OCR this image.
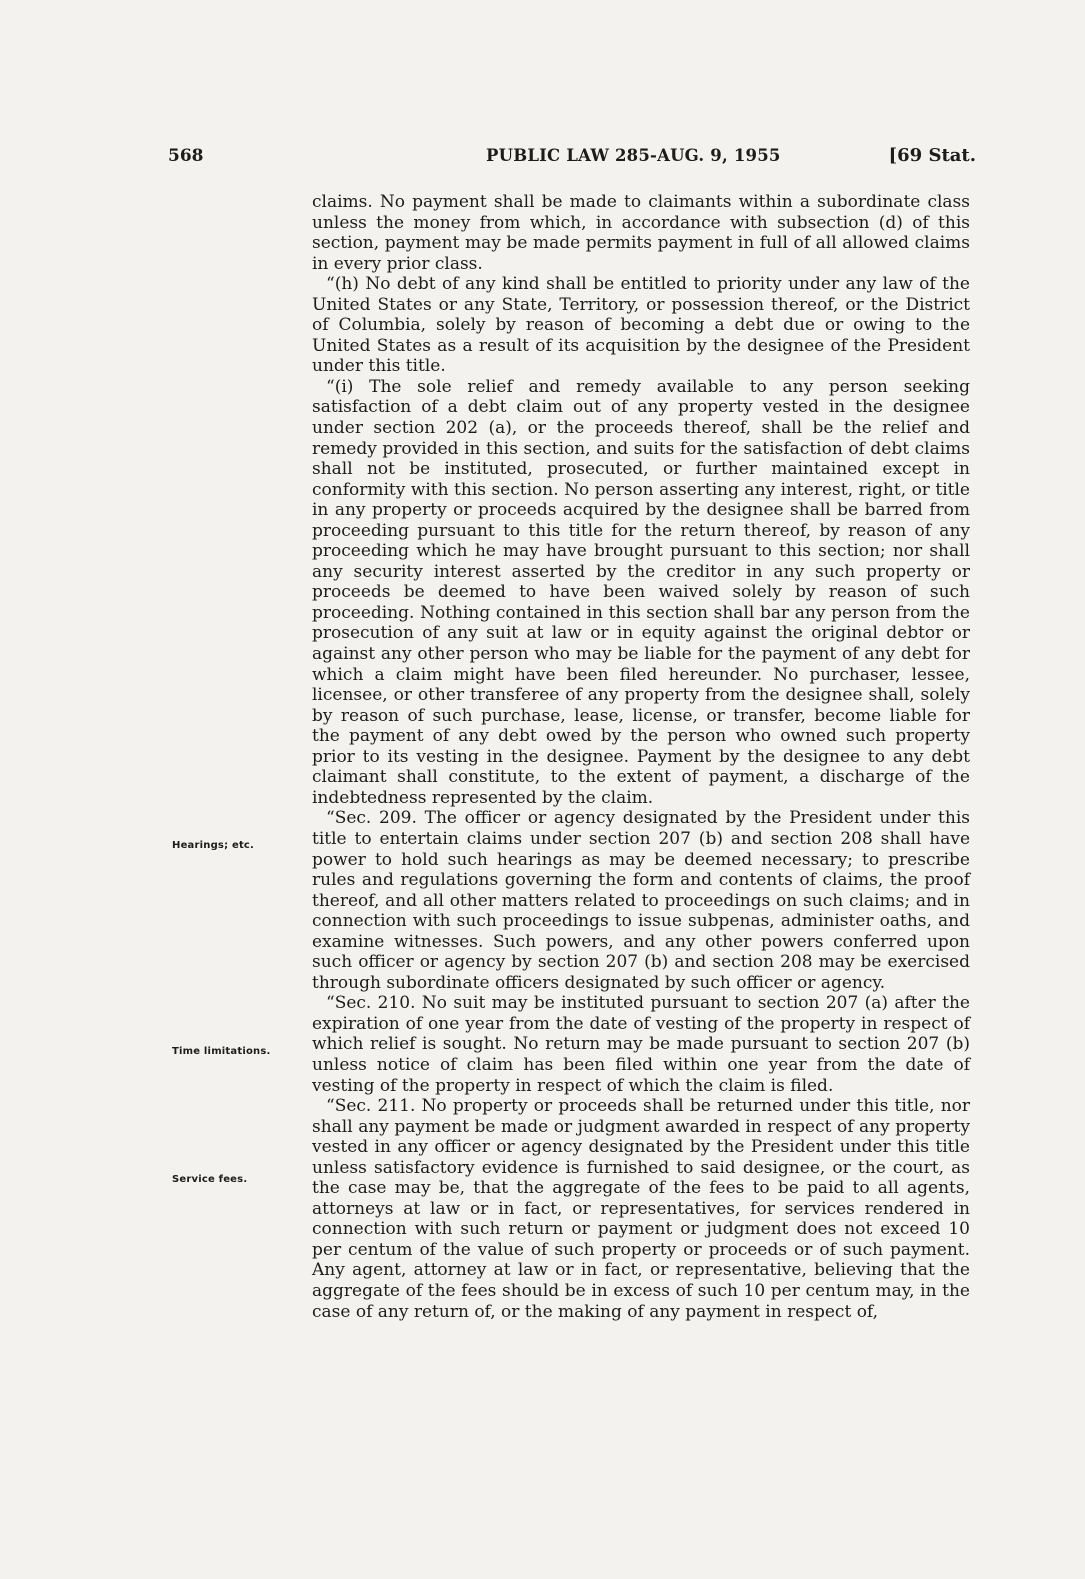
568	PUBLIC LAW 285-AUG. 9, 1955	[69 Stat.
Hearings; etc.
Time limitations.
Service fees.

claims. No payment shall be made to claimants within a subordinate class unless the money from which, in accordance with subsection (d) of this section, payment may be made permits payment in full of all allowed claims in every prior class.

“(h) No debt of any kind shall be entitled to priority under any law of the United States or any State, Territory, or possession thereof, or the District of Columbia, solely by reason of becoming a debt due or owing to the United States as a result of its acquisition by the designee of the President under this title.

“(i) The sole relief and remedy available to any person seeking satisfaction of a debt claim out of any property vested in the designee under section 202 (a), or the proceeds thereof, shall be the relief and remedy provided in this section, and suits for the satisfaction of debt claims shall not be instituted, prosecuted, or further maintained except in conformity with this section. No person asserting any interest, right, or title in any property or proceeds acquired by the designee shall be barred from proceeding pursuant to this title for the return thereof, by reason of any proceeding which he may have brought pursuant to this section; nor shall any security interest asserted by the creditor in any such property or proceeds be deemed to have been waived solely by reason of such proceeding. Nothing contained in this section shall bar any person from the prosecution of any suit at law or in equity against the original debtor or against any other person who may be liable for the payment of any debt for which a claim might have been filed hereunder. No purchaser, lessee, licensee, or other transferee of any property from the designee shall, solely by reason of such purchase, lease, license, or transfer, become liable for the payment of any debt owed by the person who owned such property prior to its vesting in the designee. Payment by the designee to any debt claimant shall constitute, to the extent of payment, a discharge of the indebtedness represented by the claim.

“Sec. 209. The officer or agency designated by the President under this title to entertain claims under section 207 (b) and section 208 shall have power to hold such hearings as may be deemed necessary; to prescribe rules and regulations governing the form and contents of claims, the proof thereof, and all other matters related to proceedings on such claims; and in connection with such proceedings to issue subpenas, administer oaths, and examine witnesses. Such powers, and any other powers conferred upon such officer or agency by section 207 (b) and section 208 may be exercised through subordinate officers designated by such officer or agency.

“Sec. 210. No suit may be instituted pursuant to section 207 (a) after the expiration of one year from the date of vesting of the property in respect of which relief is sought. No return may be made pursuant to section 207 (b) unless notice of claim has been filed within one year from the date of vesting of the property in respect of which the claim is filed.

“Sec. 211. No property or proceeds shall be returned under this title, nor shall any payment be made or judgment awarded in respect of any property vested in any officer or agency designated by the President under this title unless satisfactory evidence is furnished to said designee, or the court, as the case may be, that the aggregate of the fees to be paid to all agents, attorneys at law or in fact, or representatives, for services rendered in connection with such return or payment or judgment does not exceed 10 per centum of the value of such property or proceeds or of such payment. Any agent, attorney at law or in fact, or representative, believing that the aggregate of the fees should be in excess of such 10 per centum may, in the case of any return of, or the making of any payment in respect of,
